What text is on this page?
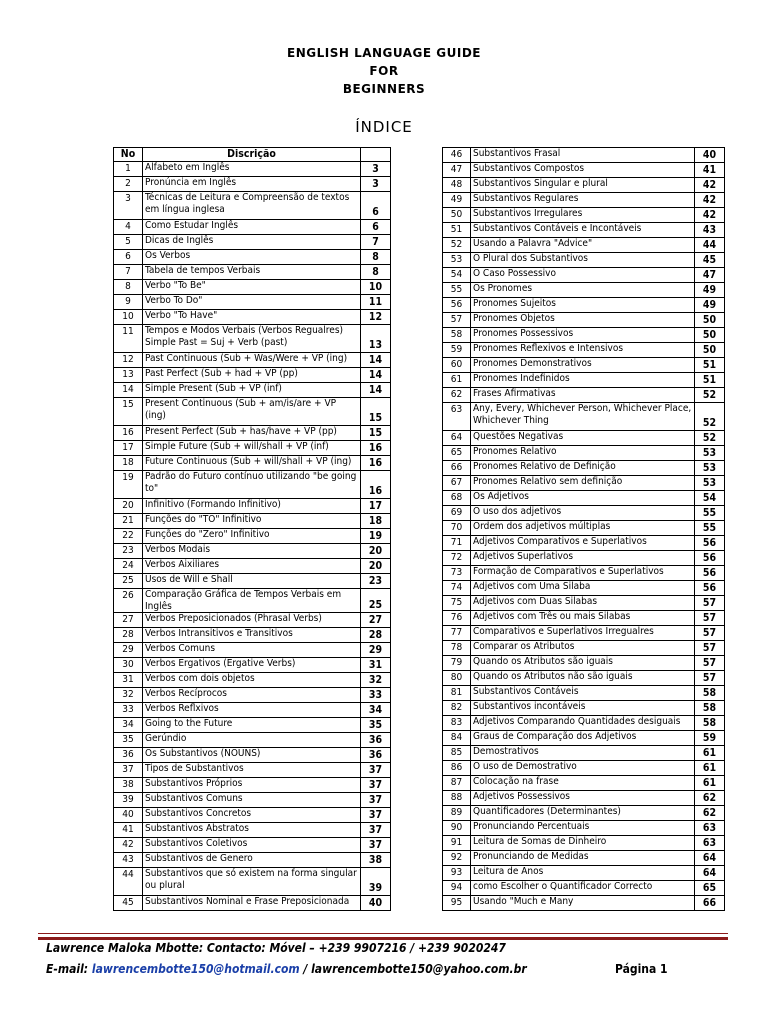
ENGLISH LANGUAGE GUIDE
FOR
BEGINNERS
ÍNDICE
No	Discrição	
1	Alfabeto em Inglês	3
2	Pronúncia em Inglês	3
3	Técnicas de Leitura e Compreensão de textos em língua inglesa	6
4	Como Estudar Inglês	6
5	Dicas de Inglês	7
6	Os Verbos	8
7	Tabela de tempos Verbais	8
8	Verbo "To Be"	10
9	Verbo To Do"	11
10	Verbo "To Have"	12
11	Tempos e Modos Verbais (Verbos Regualres) Simple Past = Suj + Verb (past)	13
12	Past Continuous (Sub + Was/Were + VP (ing)	14
13	Past Perfect (Sub + had + VP (pp)	14
14	Simple Present (Sub + VP (inf)	14
15	Present Continuous (Sub + am/is/are + VP (ing)	15
16	Present Perfect (Sub + has/have + VP (pp)	15
17	Simple Future (Sub + will/shall + VP (inf)	16
18	Future Continuous (Sub + will/shall + VP (ing)	16
19	Padrão do Futuro contínuo utilizando "be going to"	16
20	Infinitivo (Formando Infinitivo)	17
21	Funções do "TO" Infinitivo	18
22	Funções do "Zero" Infinitivo	19
23	Verbos Modais	20
24	Verbos Aixiliares	20
25	Usos de Will e Shall	23
26	Comparação Gráfica de Tempos Verbais em Inglês	25
27	Verbos Preposicionados (Phrasal Verbs)	27
28	Verbos Intransitivos e Transitivos	28
29	Verbos Comuns	29
30	Verbos Ergativos (Ergative Verbs)	31
31	Verbos com dois objetos	32
32	Verbos Recíprocos	33
33	Verbos Reflxivos	34
34	Going to the Future	35
35	Gerúndio	36
36	Os Substantivos (NOUNS)	36
37	Tipos de Substantivos	37
38	Substantivos Próprios	37
39	Substantivos Comuns	37
40	Substantivos Concretos	37
41	Substantivos Abstratos	37
42	Substantivos Coletivos	37
43	Substantivos de Genero	38
44	Substantivos que só existem na forma singular ou plural	39
45	Substantivos Nominal e Frase Preposicionada	40
46	Substantivos Frasal	40
47	Substantivos Compostos	41
48	Substantivos Singular e plural	42
49	Substantivos Regulares	42
50	Substantivos Irregulares	42
51	Substantivos Contáveis e Incontáveis	43
52	Usando a Palavra "Advice"	44
53	O Plural dos Substantivos	45
54	O Caso Possessivo	47
55	Os Pronomes	49
56	Pronomes Sujeitos	49
57	Pronomes Objetos	50
58	Pronomes Possessivos	50
59	Pronomes Reflexivos e Intensivos	50
60	Pronomes Demonstrativos	51
61	Pronomes Indefinidos	51
62	Frases Afirmativas	52
63	Any, Every, Whichever Person, Whichever Place, Whichever Thing	52
64	Questões Negativas	52
65	Pronomes Relativo	53
66	Pronomes Relativo de Definição	53
67	Pronomes Relativo sem definição	53
68	Os Adjetivos	54
69	O uso dos adjetivos	55
70	Ordem dos adjetivos múltiplas	55
71	Adjetivos Comparativos e Superlativos	56
72	Adjetivos Superlativos	56
73	Formação de Comparativos e Superlativos	56
74	Adjetivos com Uma Silaba	56
75	Adjetivos com Duas Silabas	57
76	Adjetivos com Três ou mais Silabas	57
77	Comparativos e Superlativos Irregualres	57
78	Comparar os Atributos	57
79	Quando os Atributos são iguais	57
80	Quando os Atributos não são iguais	57
81	Substantivos Contáveis	58
82	Substantivos incontáveis	58
83	Adjetivos Comparando Quantidades desiguais	58
84	Graus de Comparação dos Adjetivos	59
85	Demostrativos	61
86	O uso de Demostrativo	61
87	Colocação na frase	61
88	Adjetivos Possessivos	62
89	Quantificadores (Determinantes)	62
90	Pronunciando Percentuais	63
91	Leitura de Somas de Dinheiro	63
92	Pronunciando de Medidas	64
93	Leitura de Anos	64
94	como Escolher o Quantificador Correcto	65
95	Usando "Much e Many	66
Lawrence Maloka Mbotte: Contacto: Móvel – +239 9907216 / +239 9020247
E-mail: lawrencembotte150@hotmail.com / lawrencembotte150@yahoo.com.br	Página 1
